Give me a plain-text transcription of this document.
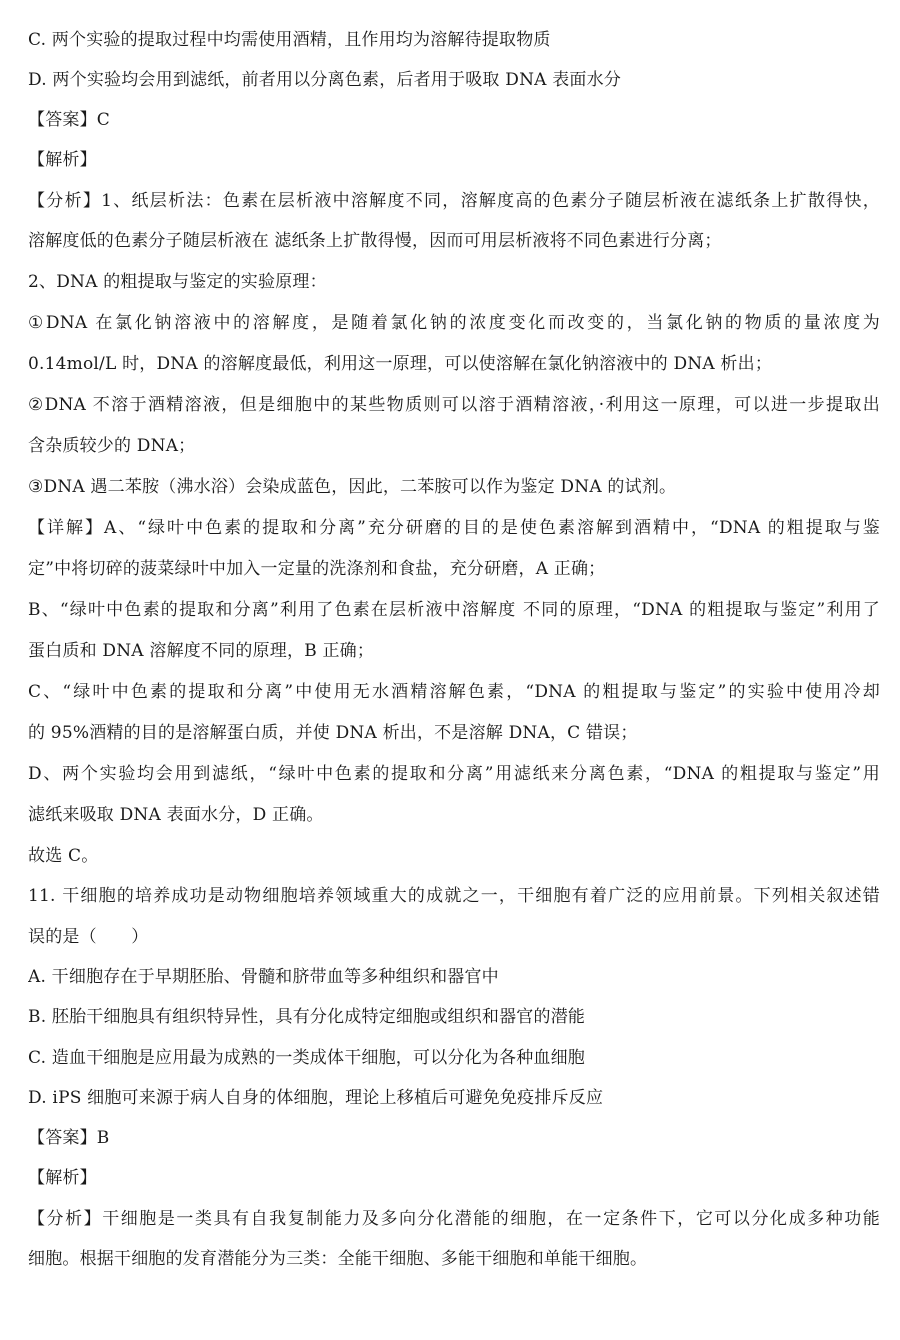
C. 两个实验的提取过程中均需使用酒精，且作用均为溶解待提取物质
D. 两个实验均会用到滤纸，前者用以分离色素，后者用于吸取 DNA 表面水分
【答案】C
【解析】
【分析】1、纸层析法：色素在层析液中溶解度不同，溶解度高的色素分子随层析液在滤纸条上扩散得快，
溶解度低的色素分子随层析液在 滤纸条上扩散得慢，因而可用层析液将不同色素进行分离；
2、DNA 的粗提取与鉴定的实验原理：
①DNA 在氯化钠溶液中的溶解度，是随着氯化钠的浓度变化而改变的，当氯化钠的物质的量浓度为
0.14mol/L 时，DNA 的溶解度最低，利用这一原理，可以使溶解在氯化钠溶液中的 DNA 析出；
②DNA 不溶于酒精溶液，但是细胞中的某些物质则可以溶于酒精溶液，·利用这一原理，可以进一步提取出
含杂质较少的 DNA；
③DNA 遇二苯胺（沸水浴）会染成蓝色，因此，二苯胺可以作为鉴定 DNA 的试剂。
【详解】A、“绿叶中色素的提取和分离”充分研磨的目的是使色素溶解到酒精中，“DNA 的粗提取与鉴
定”中将切碎的菠菜绿叶中加入一定量的洗涤剂和食盐，充分研磨，A 正确；
B、“绿叶中色素的提取和分离”利用了色素在层析液中溶解度 不同的原理，“DNA 的粗提取与鉴定”利用了
蛋白质和 DNA 溶解度不同的原理，B 正确；
C、“绿叶中色素的提取和分离”中使用无水酒精溶解色素，“DNA 的粗提取与鉴定”的实验中使用冷却
的 95%酒精的目的是溶解蛋白质，并使 DNA 析出，不是溶解 DNA，C 错误；
D、两个实验均会用到滤纸，“绿叶中色素的提取和分离”用滤纸来分离色素，“DNA 的粗提取与鉴定”用
滤纸来吸取 DNA 表面水分，D 正确。
故选 C。
11. 干细胞的培养成功是动物细胞培养领域重大的成就之一，干细胞有着广泛的应用前景。下列相关叙述错
误的是（　　）
A. 干细胞存在于早期胚胎、骨髓和脐带血等多种组织和器官中
B. 胚胎干细胞具有组织特异性，具有分化成特定细胞或组织和器官的潜能
C. 造血干细胞是应用最为成熟的一类成体干细胞，可以分化为各种血细胞
D. iPS 细胞可来源于病人自身的体细胞，理论上移植后可避免免疫排斥反应
【答案】B
【解析】
【分析】干细胞是一类具有自我复制能力及多向分化潜能的细胞，在一定条件下，它可以分化成多种功能
细胞。根据干细胞的发育潜能分为三类：全能干细胞、多能干细胞和单能干细胞。
